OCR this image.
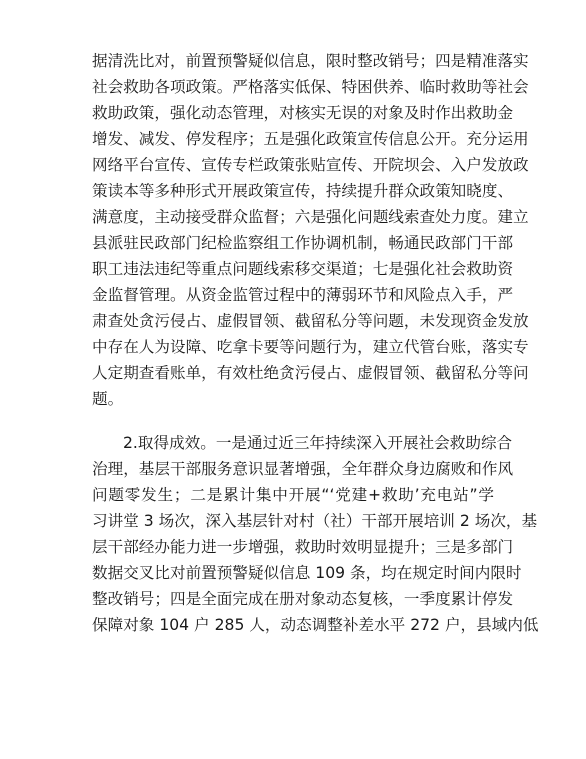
据清洗比对，前置预警疑似信息，限时整改销号；四是精准落实
社会救助各项政策。严格落实低保、特困供养、临时救助等社会
救助政策，强化动态管理，对核实无误的对象及时作出救助金
增发、减发、停发程序；五是强化政策宣传信息公开。充分运用
网络平台宣传、宣传专栏政策张贴宣传、开院坝会、入户发放政
策读本等多种形式开展政策宣传，持续提升群众政策知晓度、
满意度，主动接受群众监督；六是强化问题线索查处力度。建立
县派驻民政部门纪检监察组工作协调机制，畅通民政部门干部
职工违法违纪等重点问题线索移交渠道；七是强化社会救助资
金监督管理。从资金监管过程中的薄弱环节和风险点入手，严
肃查处贪污侵占、虚假冒领、截留私分等问题，未发现资金发放
中存在人为设障、吃拿卡要等问题行为，建立代管台账，落实专
人定期查看账单，有效杜绝贪污侵占、虚假冒领、截留私分等问
题。
2.取得成效。一是通过近三年持续深入开展社会救助综合
治理，基层干部服务意识显著增强，全年群众身边腐败和作风
问题零发生；二是累计集中开展“‘党建+救助’充电站”学
习讲堂 3 场次，深入基层针对村（社）干部开展培训 2 场次，基
层干部经办能力进一步增强，救助时效明显提升；三是多部门
数据交叉比对前置预警疑似信息 109 条，均在规定时间内限时
整改销号；四是全面完成在册对象动态复核，一季度累计停发
保障对象 104 户 285 人，动态调整补差水平 272 户，县域内低
